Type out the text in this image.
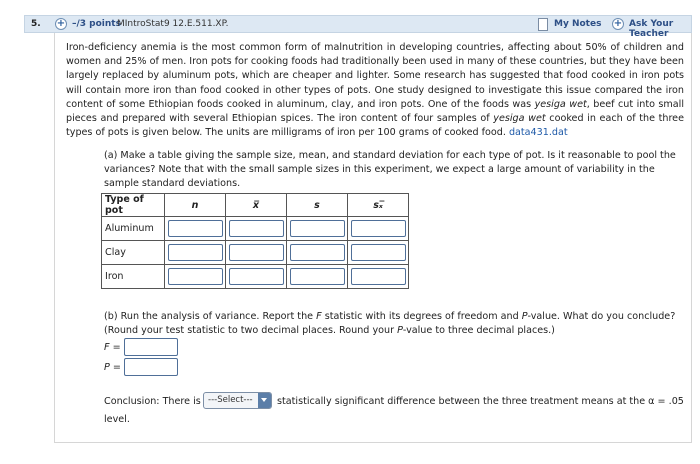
5. + –/3 points
MIntroStat9 12.E.511.XP.	My Notes + Ask Your Teacher
Iron-deficiency anemia is the most common form of malnutrition in developing countries, affecting about 50% of children and women and 25% of men. Iron pots for cooking foods had traditionally been used in many of these countries, but they have been largely replaced by aluminum pots, which are cheaper and lighter. Some research has suggested that food cooked in iron pots will contain more iron than food cooked in other types of pots. One study designed to investigate this issue compared the iron content of some Ethiopian foods cooked in aluminum, clay, and iron pots. One of the foods was yesiga wet, beef cut into small pieces and prepared with several Ethiopian spices. The iron content of four samples of yesiga wet cooked in each of the three types of pots is given below. The units are milligrams of iron per 100 grams of cooked food. data431.dat
(a) Make a table giving the sample size, mean, and standard deviation for each type of pot. Is it reasonable to pool the variances? Note that with the small sample sizes in this experiment, we expect a large amount of variability in the sample standard deviations.
Type of pot	n	x̅	s	sₓ̅
Aluminum	

Clay	

Iron	

(b) Run the analysis of variance. Report the F statistic with its degrees of freedom and P-value. What do you conclude? (Round your test statistic to two decimal places. Round your P-value to three decimal places.)
F =
P =
Conclusion: There is ---Select---	statistically significant difference between the three treatment means at the α = .05
level.
